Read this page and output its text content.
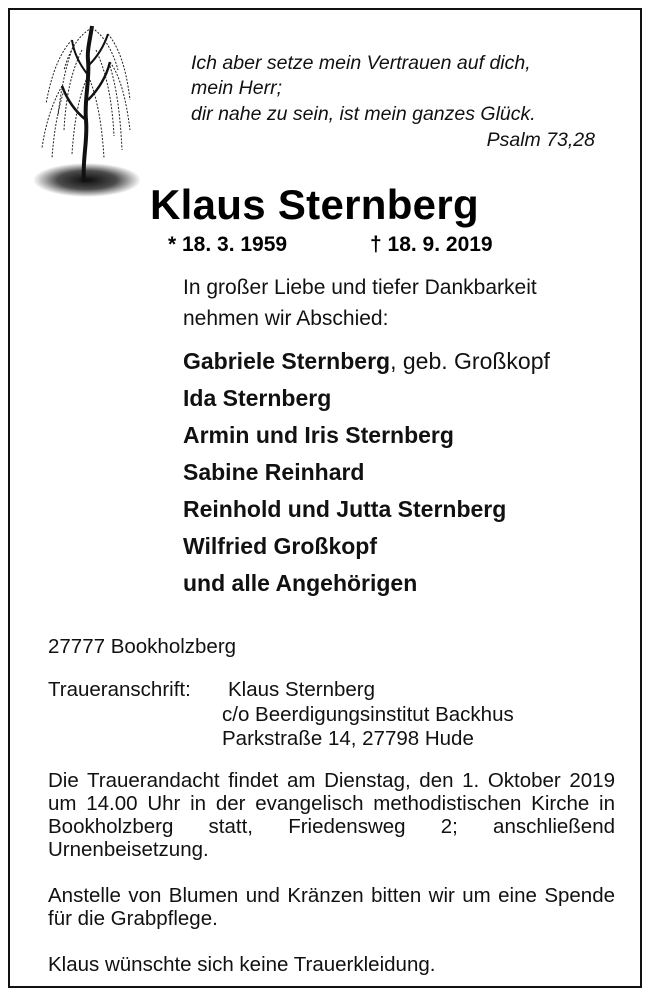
Ich aber setze mein Vertrauen auf dich,
mein Herr;
dir nahe zu sein, ist mein ganzes Glück.
Psalm 73,28
Klaus Sternberg
* 18. 3. 1959	† 18. 9. 2019
In großer Liebe und tiefer Dankbarkeit
nehmen wir Abschied:
Gabriele Sternberg, geb. Großkopf
Ida Sternberg
Armin und Iris Sternberg
Sabine Reinhard
Reinhold und Jutta Sternberg
Wilfried Großkopf
und alle Angehörigen
27777 Bookholzberg
Traueranschrift: Klaus Sternberg
c/o Beerdigungsinstitut Backhus
Parkstraße 14, 27798 Hude
Die Trauerandacht findet am Dienstag, den 1. Oktober 2019 um 14.00 Uhr in der evangelisch methodistischen Kirche in Bookholzberg statt, Friedensweg 2; anschließend Urnenbeisetzung.
Anstelle von Blumen und Kränzen bitten wir um eine Spende für die Grabpflege.
Klaus wünschte sich keine Trauerkleidung.
